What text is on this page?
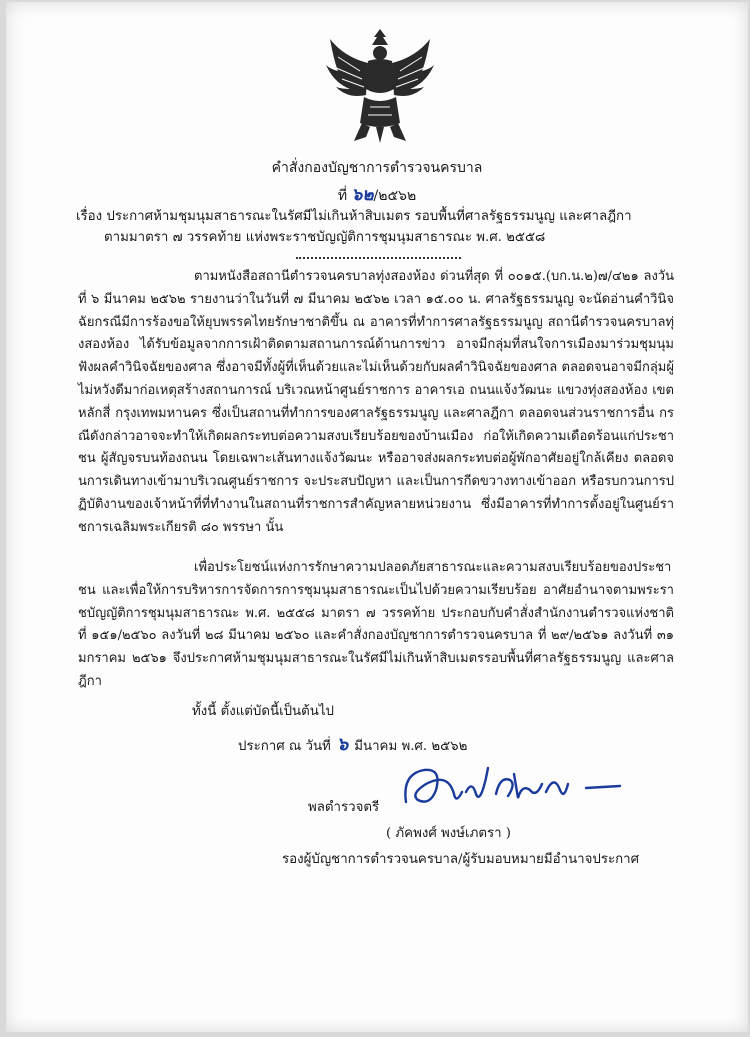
คำสั่งกองบัญชาการตำรวจนครบาล
ที่ ๖๒/๒๕๖๒
เรื่อง ประกาศห้ามชุมนุมสาธารณะในรัศมีไม่เกินห้าสิบเมตร รอบพื้นที่ศาลรัฐธรรมนูญ และศาลฎีกา
ตามมาตรา ๗ วรรคท้าย แห่งพระราชบัญญัติการชุมนุมสาธารณะ พ.ศ. ๒๕๕๘
ตามหนังสือสถานีตำรวจนครบาลทุ่งสองห้อง ด่วนที่สุด ที่ ๐๐๑๕.(บก.น.๒)๗/๔๒๑ ลงวันที่ ๖ มีนาคม ๒๕๖๒ รายงานว่าในวันที่ ๗ มีนาคม ๒๕๖๒ เวลา ๑๕.๐๐ น. ศาลรัฐธรรมนูญ จะนัดอ่านคำวินิจฉัยกรณีมีการร้องขอให้ยุบพรรคไทยรักษาชาติขึ้น ณ อาคารที่ทำการศาลรัฐธรรมนูญ สถานีตำรวจนครบาลทุ่งสองห้อง ได้รับข้อมูลจากการเฝ้าติดตามสถานการณ์ด้านการข่าว อาจมีกลุ่มที่สนใจการเมืองมาร่วมชุมนุม ฟังผลคำวินิจฉัยของศาล ซึ่งอาจมีทั้งผู้ที่เห็นด้วยและไม่เห็นด้วยกับผลคำวินิจฉัยของศาล ตลอดจนอาจมีกลุ่มผู้ไม่หวังดีมาก่อเหตุสร้างสถานการณ์ บริเวณหน้าศูนย์ราชการ อาคารเอ ถนนแจ้งวัฒนะ แขวงทุ่งสองห้อง เขตหลักสี่ กรุงเทพมหานคร ซึ่งเป็นสถานที่ทำการของศาลรัฐธรรมนูญ และศาลฎีกา ตลอดจนส่วนราชการอื่น กรณีดังกล่าวอาจจะทำให้เกิดผลกระทบต่อความสงบเรียบร้อยของบ้านเมือง ก่อให้เกิดความเดือดร้อนแก่ประชาชน ผู้สัญจรบนท้องถนน โดยเฉพาะเส้นทางแจ้งวัฒนะ หรืออาจส่งผลกระทบต่อผู้พักอาศัยอยู่ใกล้เคียง ตลอดจนการเดินทางเข้ามาบริเวณศูนย์ราชการ จะประสบปัญหา และเป็นการกีดขวางทางเข้าออก หรือรบกวนการปฏิบัติงานของเจ้าหน้าที่ที่ทำงานในสถานที่ราชการสำคัญหลายหน่วยงาน ซึ่งมีอาคารที่ทำการตั้งอยู่ในศูนย์ราชการเฉลิมพระเกียรติ ๘๐ พรรษา นั้น
เพื่อประโยชน์แห่งการรักษาความปลอดภัยสาธารณะและความสงบเรียบร้อยของประชาชน และเพื่อให้การบริหารการจัดการการชุมนุมสาธารณะเป็นไปด้วยความเรียบร้อย อาศัยอำนาจตามพระราชบัญญัติการชุมนุมสาธารณะ พ.ศ. ๒๕๕๘ มาตรา ๗ วรรคท้าย ประกอบกับคำสั่งสำนักงานตำรวจแห่งชาติ ที่ ๑๕๑/๒๕๖๐ ลงวันที่ ๒๘ มีนาคม ๒๕๖๐ และคำสั่งกองบัญชาการตำรวจนครบาล ที่ ๒๙/๒๕๖๑ ลงวันที่ ๓๑ มกราคม ๒๕๖๑ จึงประกาศห้ามชุมนุมสาธารณะในรัศมีไม่เกินห้าสิบเมตรรอบพื้นที่ศาลรัฐธรรมนูญ และศาลฎีกา
ทั้งนี้ ตั้งแต่บัดนี้เป็นต้นไป
ประกาศ ณ วันที่ ๖ มีนาคม พ.ศ. ๒๕๖๒
พลตำรวจตรี
( ภัคพงศ์ พงษ์เภตรา )
รองผู้บัญชาการตำรวจนครบาล/ผู้รับมอบหมายมีอำนาจประกาศ
